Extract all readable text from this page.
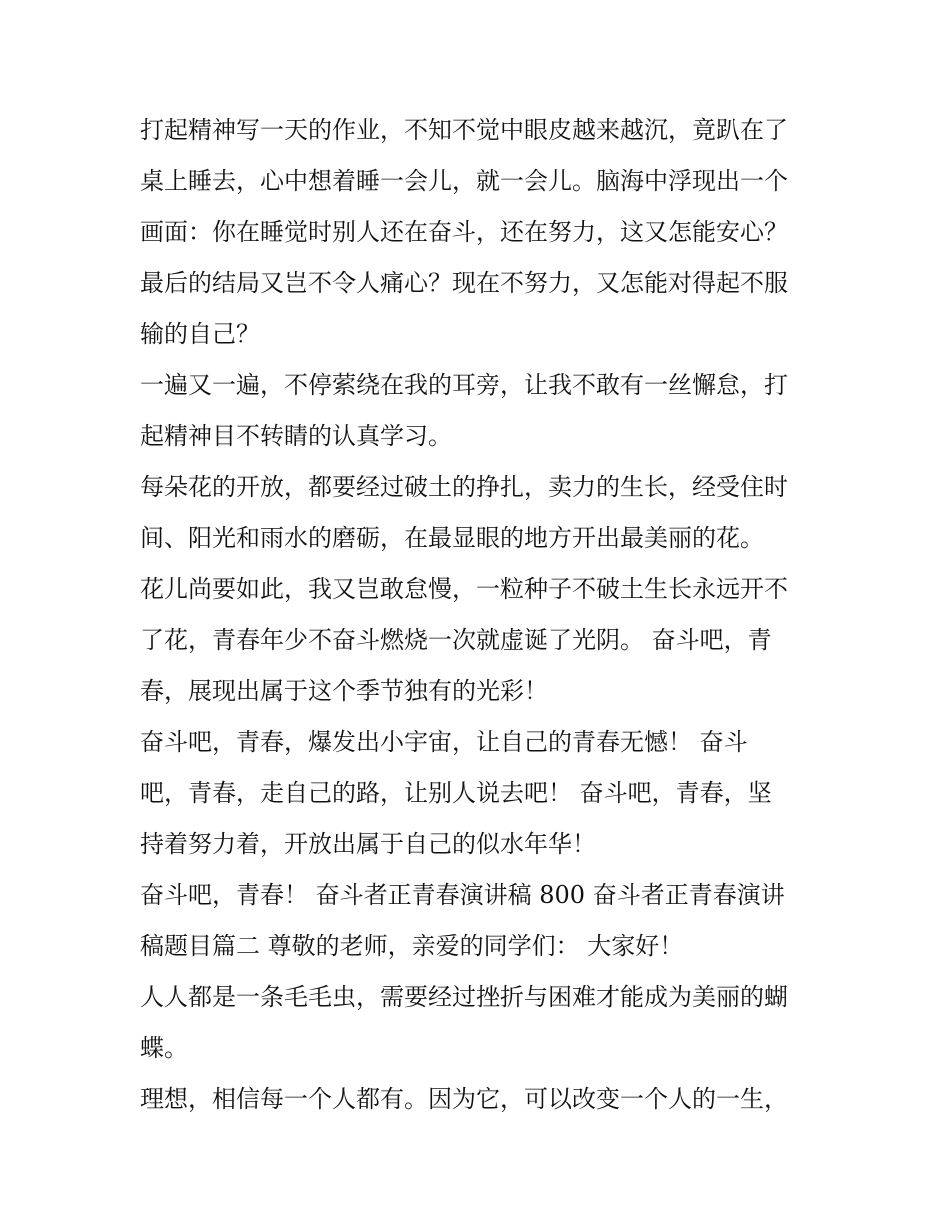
打起精神写一天的作业，不知不觉中眼皮越来越沉，竟趴在了
桌上睡去，心中想着睡一会儿，就一会儿。脑海中浮现出一个
画面：你在睡觉时别人还在奋斗，还在努力，这又怎能安心？
最后的结局又岂不令人痛心？现在不努力，又怎能对得起不服
输的自己？
一遍又一遍，不停萦绕在我的耳旁，让我不敢有一丝懈怠，打
起精神目不转睛的认真学习。
每朵花的开放，都要经过破土的挣扎，卖力的生长，经受住时
间、阳光和雨水的磨砺，在最显眼的地方开出最美丽的花。
花儿尚要如此，我又岂敢怠慢，一粒种子不破土生长永远开不
了花，青春年少不奋斗燃烧一次就虚诞了光阴。 奋斗吧，青
春，展现出属于这个季节独有的光彩！
奋斗吧，青春，爆发出小宇宙，让自己的青春无憾！ 奋斗
吧，青春，走自己的路，让别人说去吧！ 奋斗吧，青春，坚
持着努力着，开放出属于自己的似水年华！
奋斗吧，青春！ 奋斗者正青春演讲稿 800 奋斗者正青春演讲
稿题目篇二 尊敬的老师，亲爱的同学们： 大家好！
人人都是一条毛毛虫，需要经过挫折与困难才能成为美丽的蝴
蝶。
理想，相信每一个人都有。因为它，可以改变一个人的一生，
